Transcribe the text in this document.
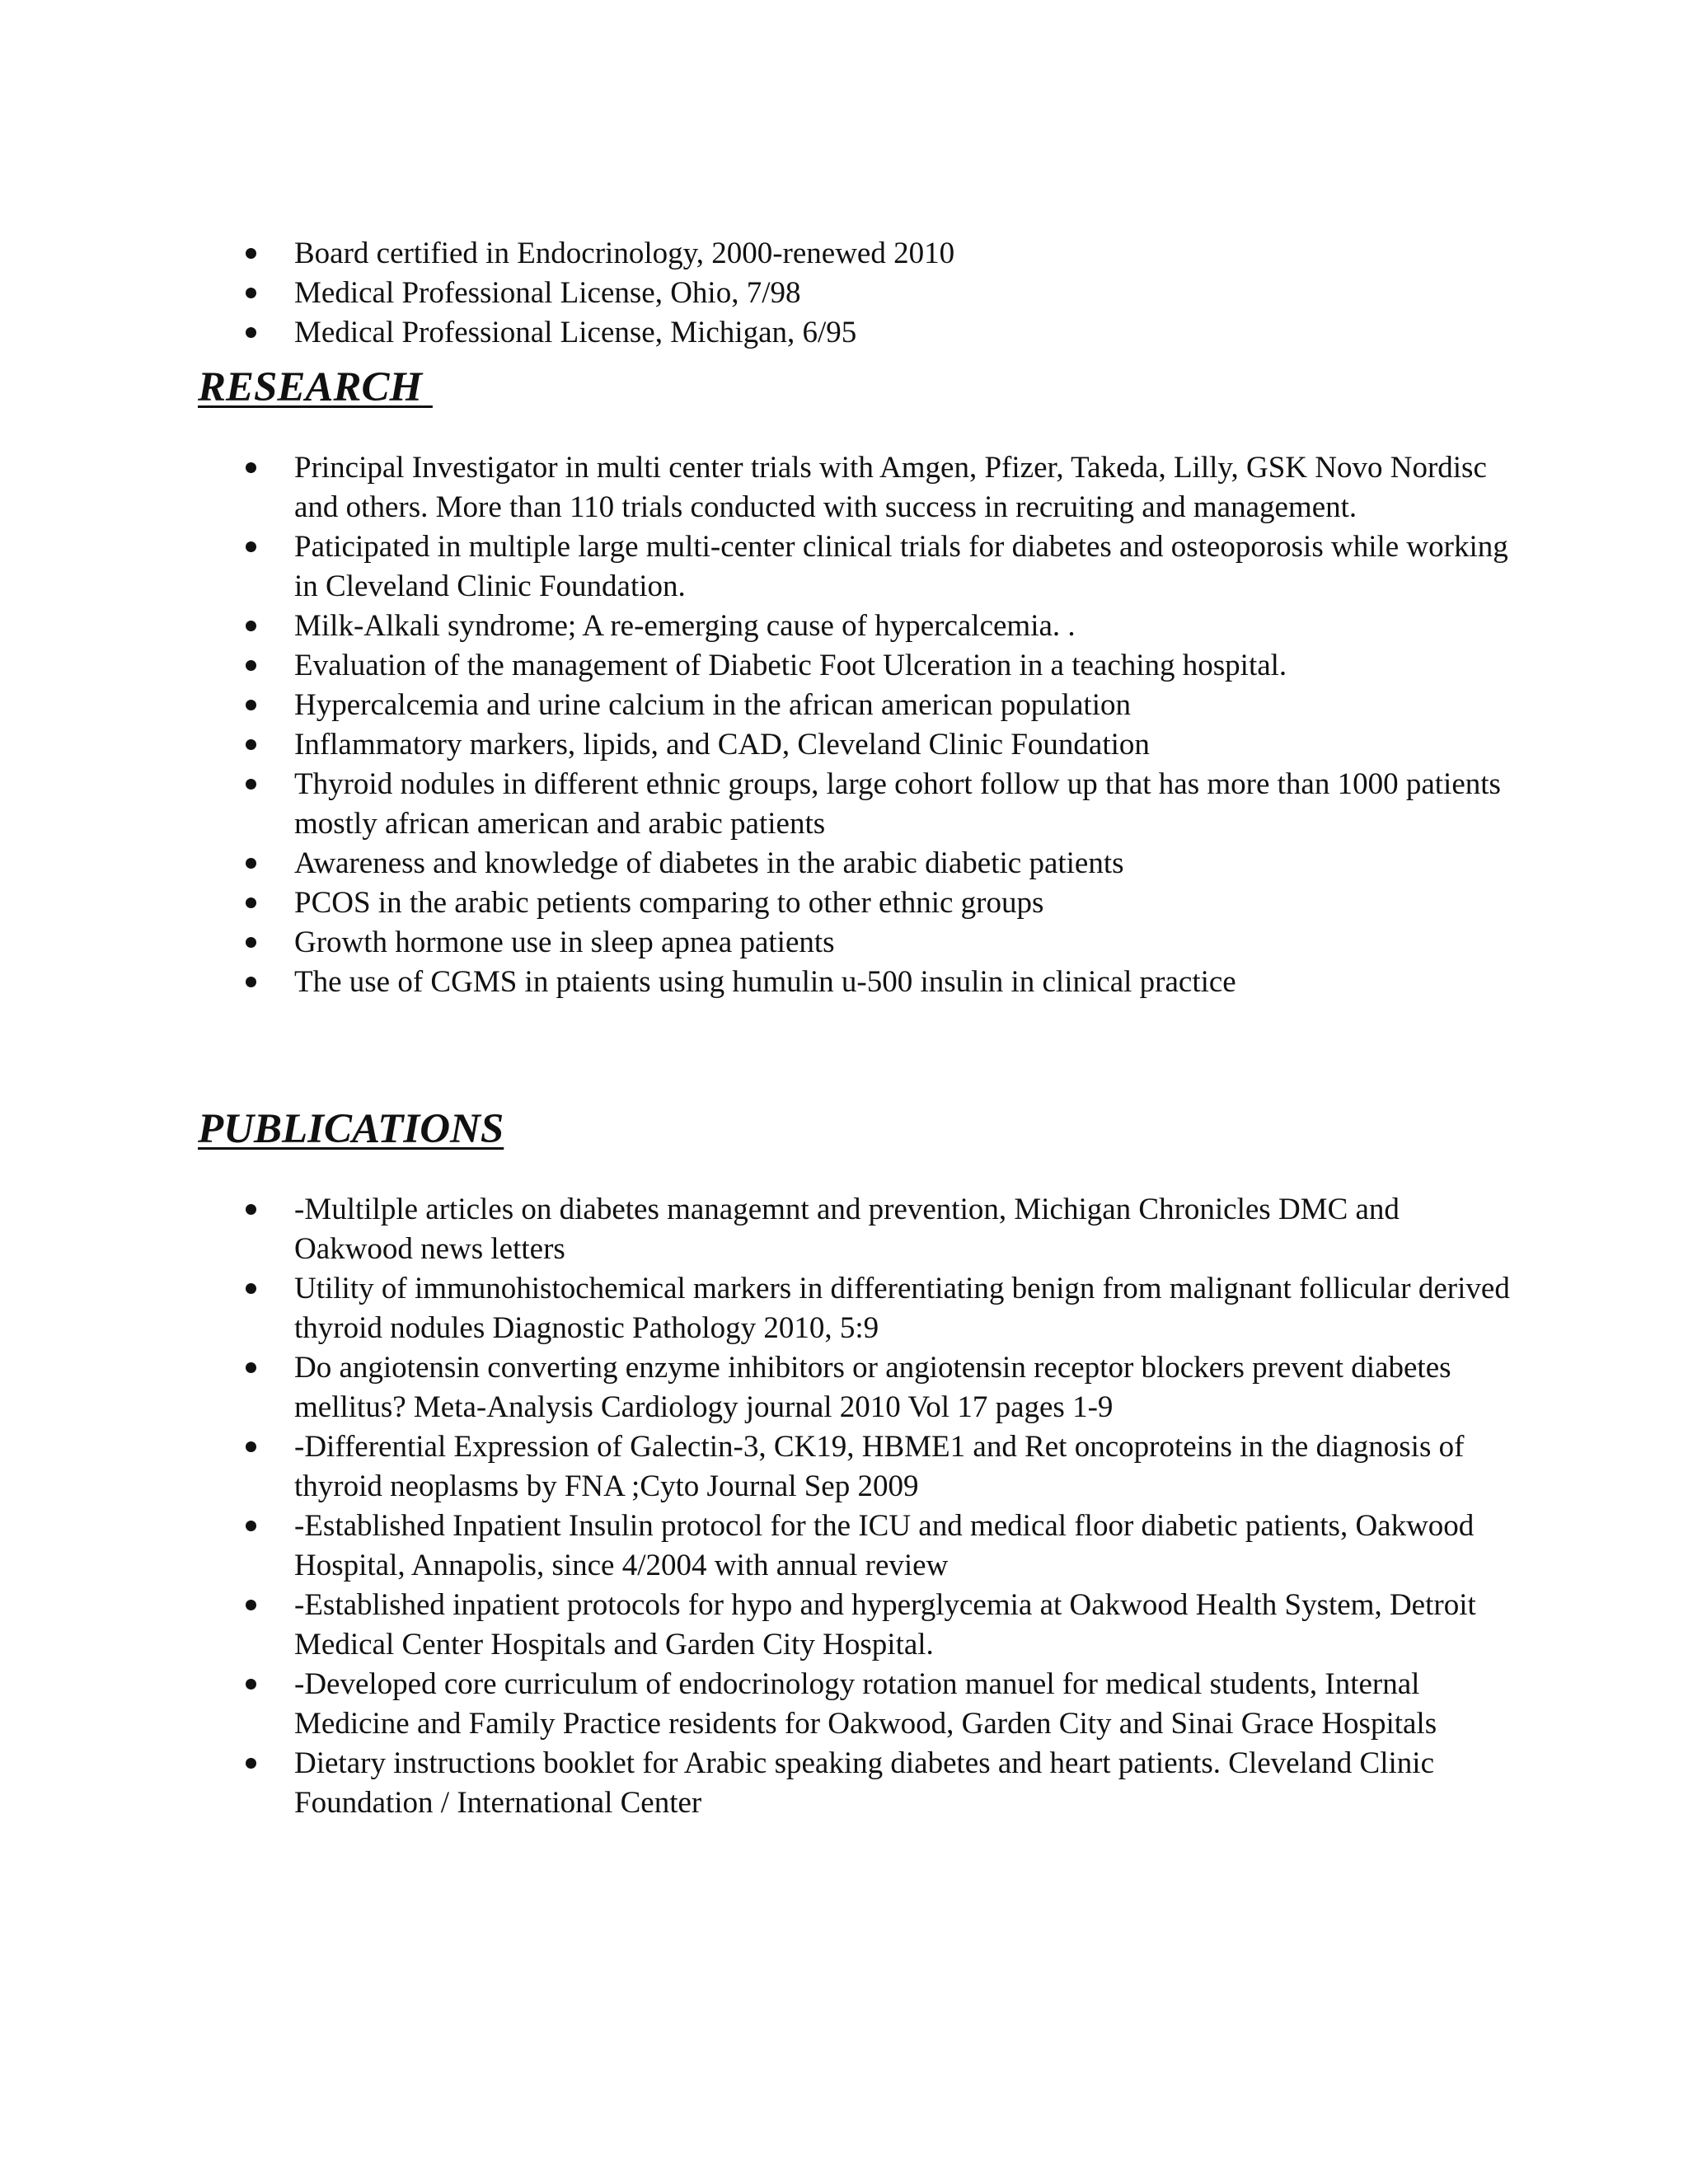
Board certified in Endocrinology, 2000-renewed 2010
Medical Professional License, Ohio, 7/98
Medical Professional License, Michigan, 6/95
RESEARCH
Principal Investigator in multi center trials with Amgen, Pfizer, Takeda, Lilly, GSK Novo Nordisc and others. More than 110 trials conducted with success in recruiting and management.
Paticipated in multiple large multi-center clinical trials for diabetes and osteoporosis while working in Cleveland Clinic Foundation.
Milk-Alkali syndrome; A re-emerging cause of hypercalcemia. .
Evaluation of the management of Diabetic Foot Ulceration in a teaching hospital.
Hypercalcemia and urine calcium in the african american population
Inflammatory markers, lipids, and CAD, Cleveland Clinic Foundation
Thyroid nodules in different ethnic groups, large cohort follow up that has more than 1000 patients mostly african american and arabic patients
Awareness and knowledge of diabetes in the arabic diabetic patients
PCOS in the arabic petients comparing to other ethnic groups
Growth hormone use in sleep apnea patients
The use of CGMS in ptaients using humulin u-500 insulin in clinical practice
PUBLICATIONS
-Multilple articles on diabetes managemnt and prevention, Michigan Chronicles DMC and Oakwood news letters
Utility of immunohistochemical markers in differentiating benign from malignant follicular derived thyroid nodules Diagnostic Pathology 2010, 5:9
Do angiotensin converting enzyme inhibitors or angiotensin receptor blockers prevent diabetes mellitus? Meta-Analysis Cardiology journal 2010 Vol 17 pages 1-9
-Differential Expression of Galectin-3, CK19, HBME1 and Ret oncoproteins in the diagnosis of thyroid neoplasms by FNA ;Cyto Journal Sep 2009
-Established Inpatient Insulin protocol for the ICU and medical floor diabetic patients, Oakwood Hospital, Annapolis, since 4/2004 with annual review
-Established inpatient protocols for hypo and hyperglycemia at Oakwood Health System, Detroit Medical Center Hospitals and Garden City Hospital.
-Developed core curriculum of endocrinology rotation manuel for medical students, Internal Medicine and Family Practice residents for Oakwood, Garden City and Sinai Grace Hospitals
Dietary instructions booklet for Arabic speaking diabetes and heart patients. Cleveland Clinic Foundation / International Center
